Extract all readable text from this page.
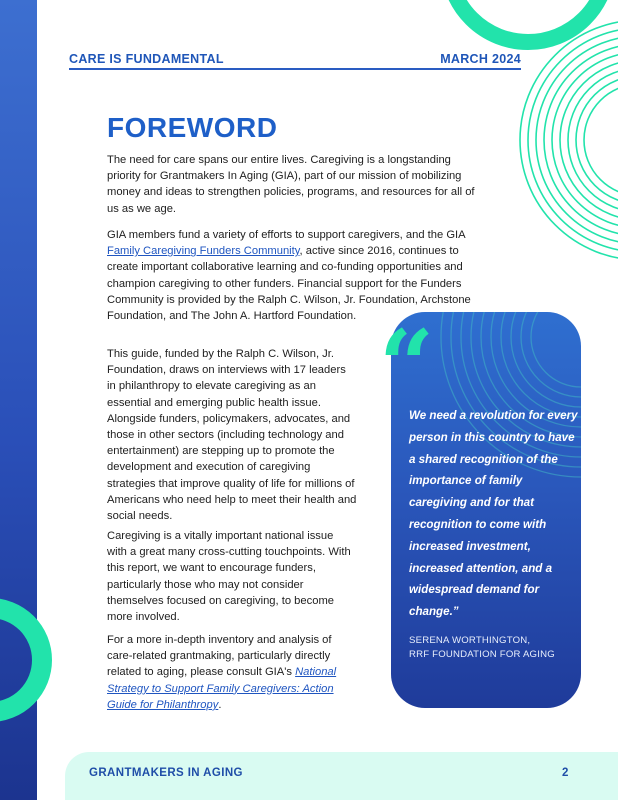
CARE IS FUNDAMENTAL	MARCH 2024
FOREWORD

The need for care spans our entire lives. Caregiving is a longstanding priority for Grantmakers In Aging (GIA), part of our mission of mobilizing money and ideas to strengthen policies, programs, and resources for all of us as we age.

GIA members fund a variety of efforts to support caregivers, and the GIA Family Caregiving Funders Community, active since 2016, continues to create important collaborative learning and co-funding opportunities and champion caregiving to other funders. Financial support for the Funders Community is provided by the Ralph C. Wilson, Jr. Foundation, Archstone Foundation, and The John A. Hartford Foundation.

This guide, funded by the Ralph C. Wilson, Jr. Foundation, draws on interviews with 17 leaders in philanthropy to elevate caregiving as an essential and emerging public health issue. Alongside funders, policymakers, advocates, and those in other sectors (including technology and entertainment) are stepping up to promote the development and execution of caregiving strategies that improve quality of life for millions of Americans who need help to meet their health and social needs.

Caregiving is a vitally important national issue with a great many cross-cutting touchpoints. With this report, we want to encourage funders, particularly those who may not consider themselves focused on caregiving, to become more involved.

For a more in-depth inventory and analysis of care-related grantmaking, particularly directly related to aging, please consult GIA's National Strategy to Support Family Caregivers: Action Guide for Philanthropy.

“

We need a revolution for every person in this country to have a shared recognition of the importance of family caregiving and for that recognition to come with increased investment, increased attention, and a widespread demand for change.”

SERENA WORTHINGTON,
RRF FOUNDATION FOR AGING

GRANTMAKERS IN AGING	2
